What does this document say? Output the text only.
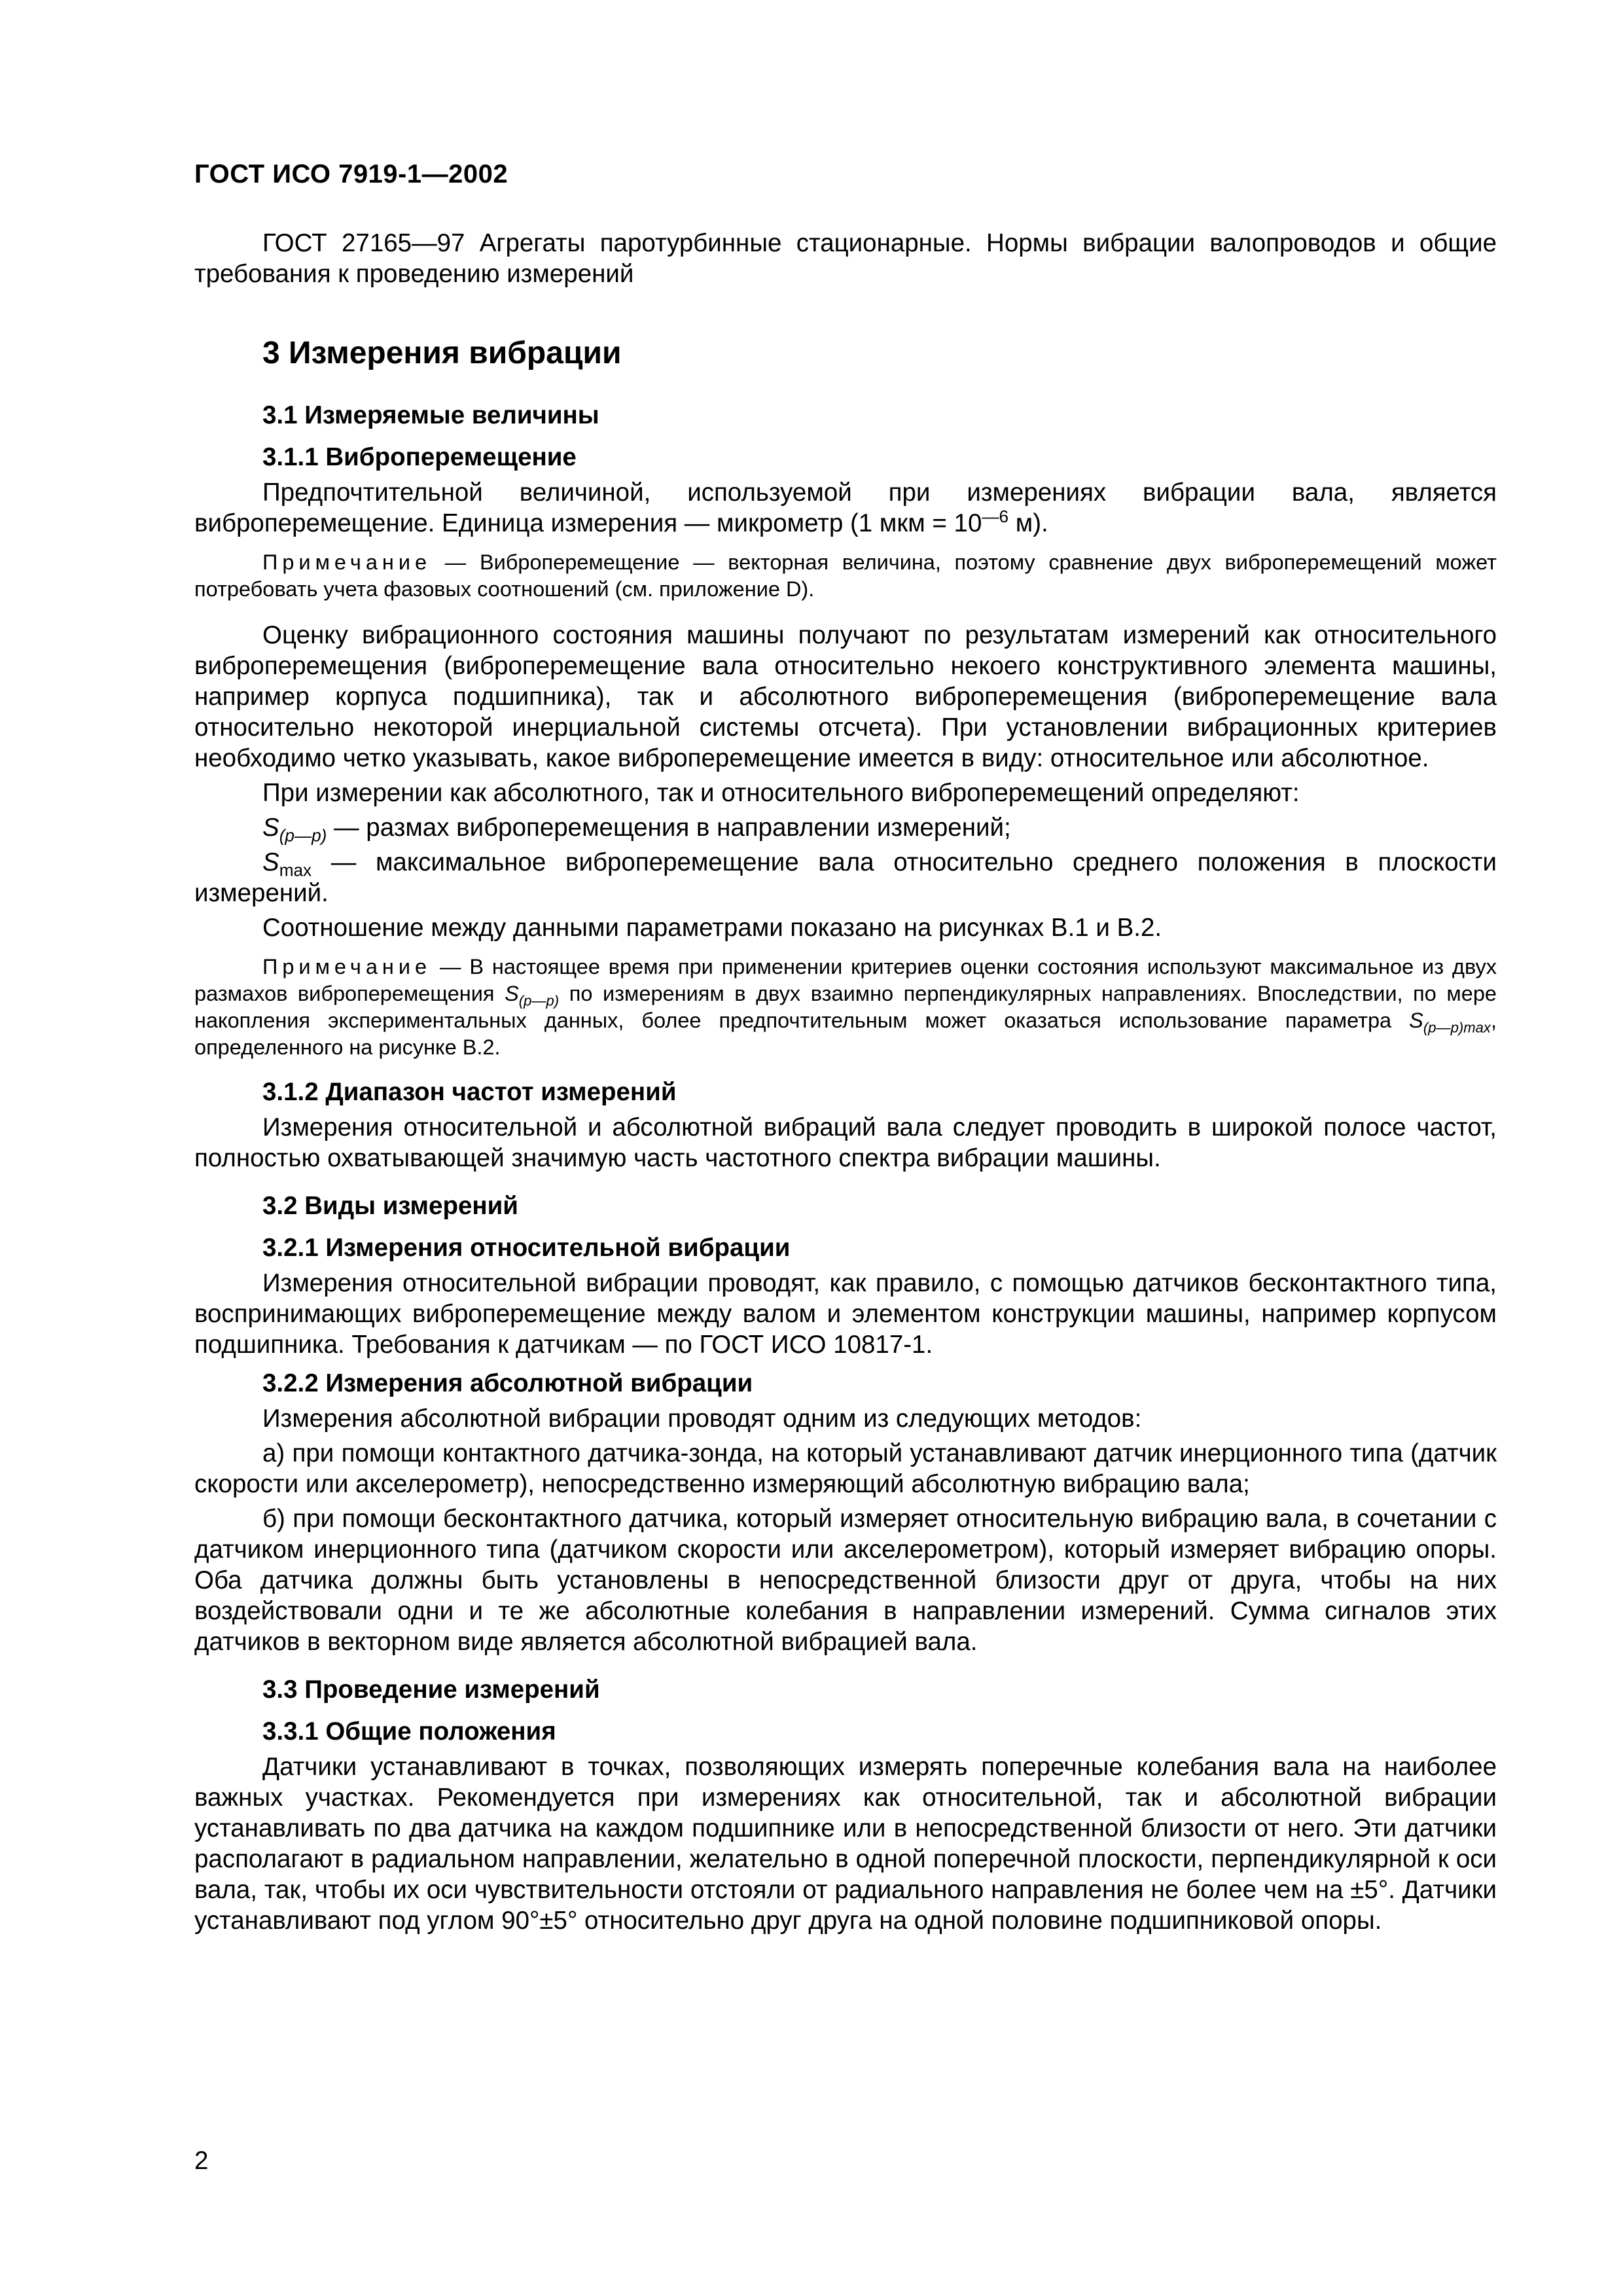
ГОСТ ИСО 7919-1—2002

ГОСТ 27165—97 Агрегаты паротурбинные стационарные. Нормы вибрации валопроводов и общие требования к проведению измерений

3 Измерения вибрации
3.1 Измеряемые величины
3.1.1 Виброперемещение

Предпочтительной величиной, используемой при измерениях вибрации вала, является виброперемещение. Единица измерения — микрометр (1 мкм = $10^{—6}$ м).

Примечание — Виброперемещение — векторная величина, поэтому сравнение двух виброперемещений может потребовать учета фазовых соотношений (см. приложение D).

Оценку вибрационного состояния машины получают по результатам измерений как относительного виброперемещения (виброперемещение вала относительно некоего конструктивного элемента машины, например корпуса подшипника), так и абсолютного виброперемещения (виброперемещение вала относительно некоторой инерциальной системы отсчета). При установлении вибрационных критериев необходимо четко указывать, какое виброперемещение имеется в виду: относительное или абсолютное.

При измерении как абсолютного, так и относительного виброперемещений определяют:

$S_{(p—p)}$ — размах виброперемещения в направлении измерений;

$S_{max}$ — максимальное виброперемещение вала относительно среднего положения в плоскости измерений.

Соотношение между данными параметрами показано на рисунках B.1 и B.2.

Примечание — В настоящее время при применении критериев оценки состояния используют максимальное из двух размахов виброперемещения $S_{(p—p)}$ по измерениям в двух взаимно перпендикулярных направлениях. Впоследствии, по мере накопления экспериментальных данных, более предпочтительным может оказаться использование параметра $S_{(p—p)max}$, определенного на рисунке B.2.

3.1.2 Диапазон частот измерений

Измерения относительной и абсолютной вибраций вала следует проводить в широкой полосе частот, полностью охватывающей значимую часть частотного спектра вибрации машины.

3.2 Виды измерений
3.2.1 Измерения относительной вибрации

Измерения относительной вибрации проводят, как правило, с помощью датчиков бесконтактного типа, воспринимающих виброперемещение между валом и элементом конструкции машины, например корпусом подшипника. Требования к датчикам — по ГОСТ ИСО 10817-1.

3.2.2 Измерения абсолютной вибрации

Измерения абсолютной вибрации проводят одним из следующих методов:

а) при помощи контактного датчика-зонда, на который устанавливают датчик инерционного типа (датчик скорости или акселерометр), непосредственно измеряющий абсолютную вибрацию вала;

б) при помощи бесконтактного датчика, который измеряет относительную вибрацию вала, в сочетании с датчиком инерционного типа (датчиком скорости или акселерометром), который измеряет вибрацию опоры. Оба датчика должны быть установлены в непосредственной близости друг от друга, чтобы на них воздействовали одни и те же абсолютные колебания в направлении измерений. Сумма сигналов этих датчиков в векторном виде является абсолютной вибрацией вала.

3.3 Проведение измерений
3.3.1 Общие положения

Датчики устанавливают в точках, позволяющих измерять поперечные колебания вала на наиболее важных участках. Рекомендуется при измерениях как относительной, так и абсолютной вибрации устанавливать по два датчика на каждом подшипнике или в непосредственной близости от него. Эти датчики располагают в радиальном направлении, желательно в одной поперечной плоскости, перпендикулярной к оси вала, так, чтобы их оси чувствительности отстояли от радиального направления не более чем на ±5°. Датчики устанавливают под углом 90°±5° относительно друг друга на одной половине подшипниковой опоры.

2
